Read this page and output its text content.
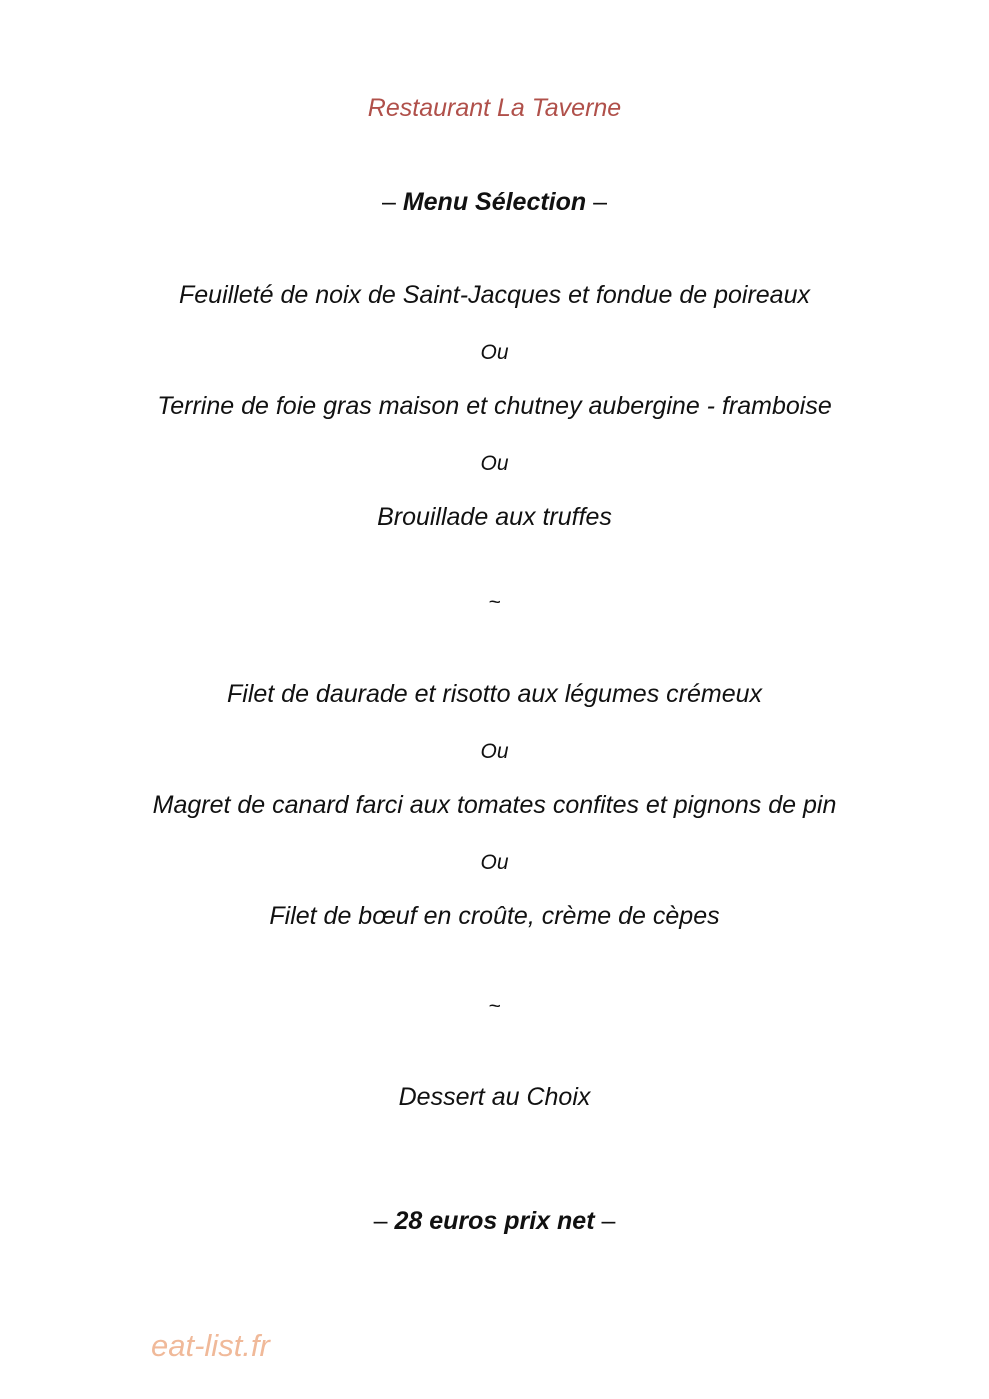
Restaurant La Taverne
– Menu Sélection –
Feuilleté de noix de Saint-Jacques et fondue de poireaux
Ou
Terrine de foie gras maison et chutney aubergine - framboise
Ou
Brouillade aux truffes
~
Filet de daurade et risotto aux légumes crémeux
Ou
Magret de canard farci aux tomates confites et pignons de pin
Ou
Filet de bœuf en croûte, crème de cèpes
~
Dessert au Choix
– 28 euros prix net –
eat-list.fr
